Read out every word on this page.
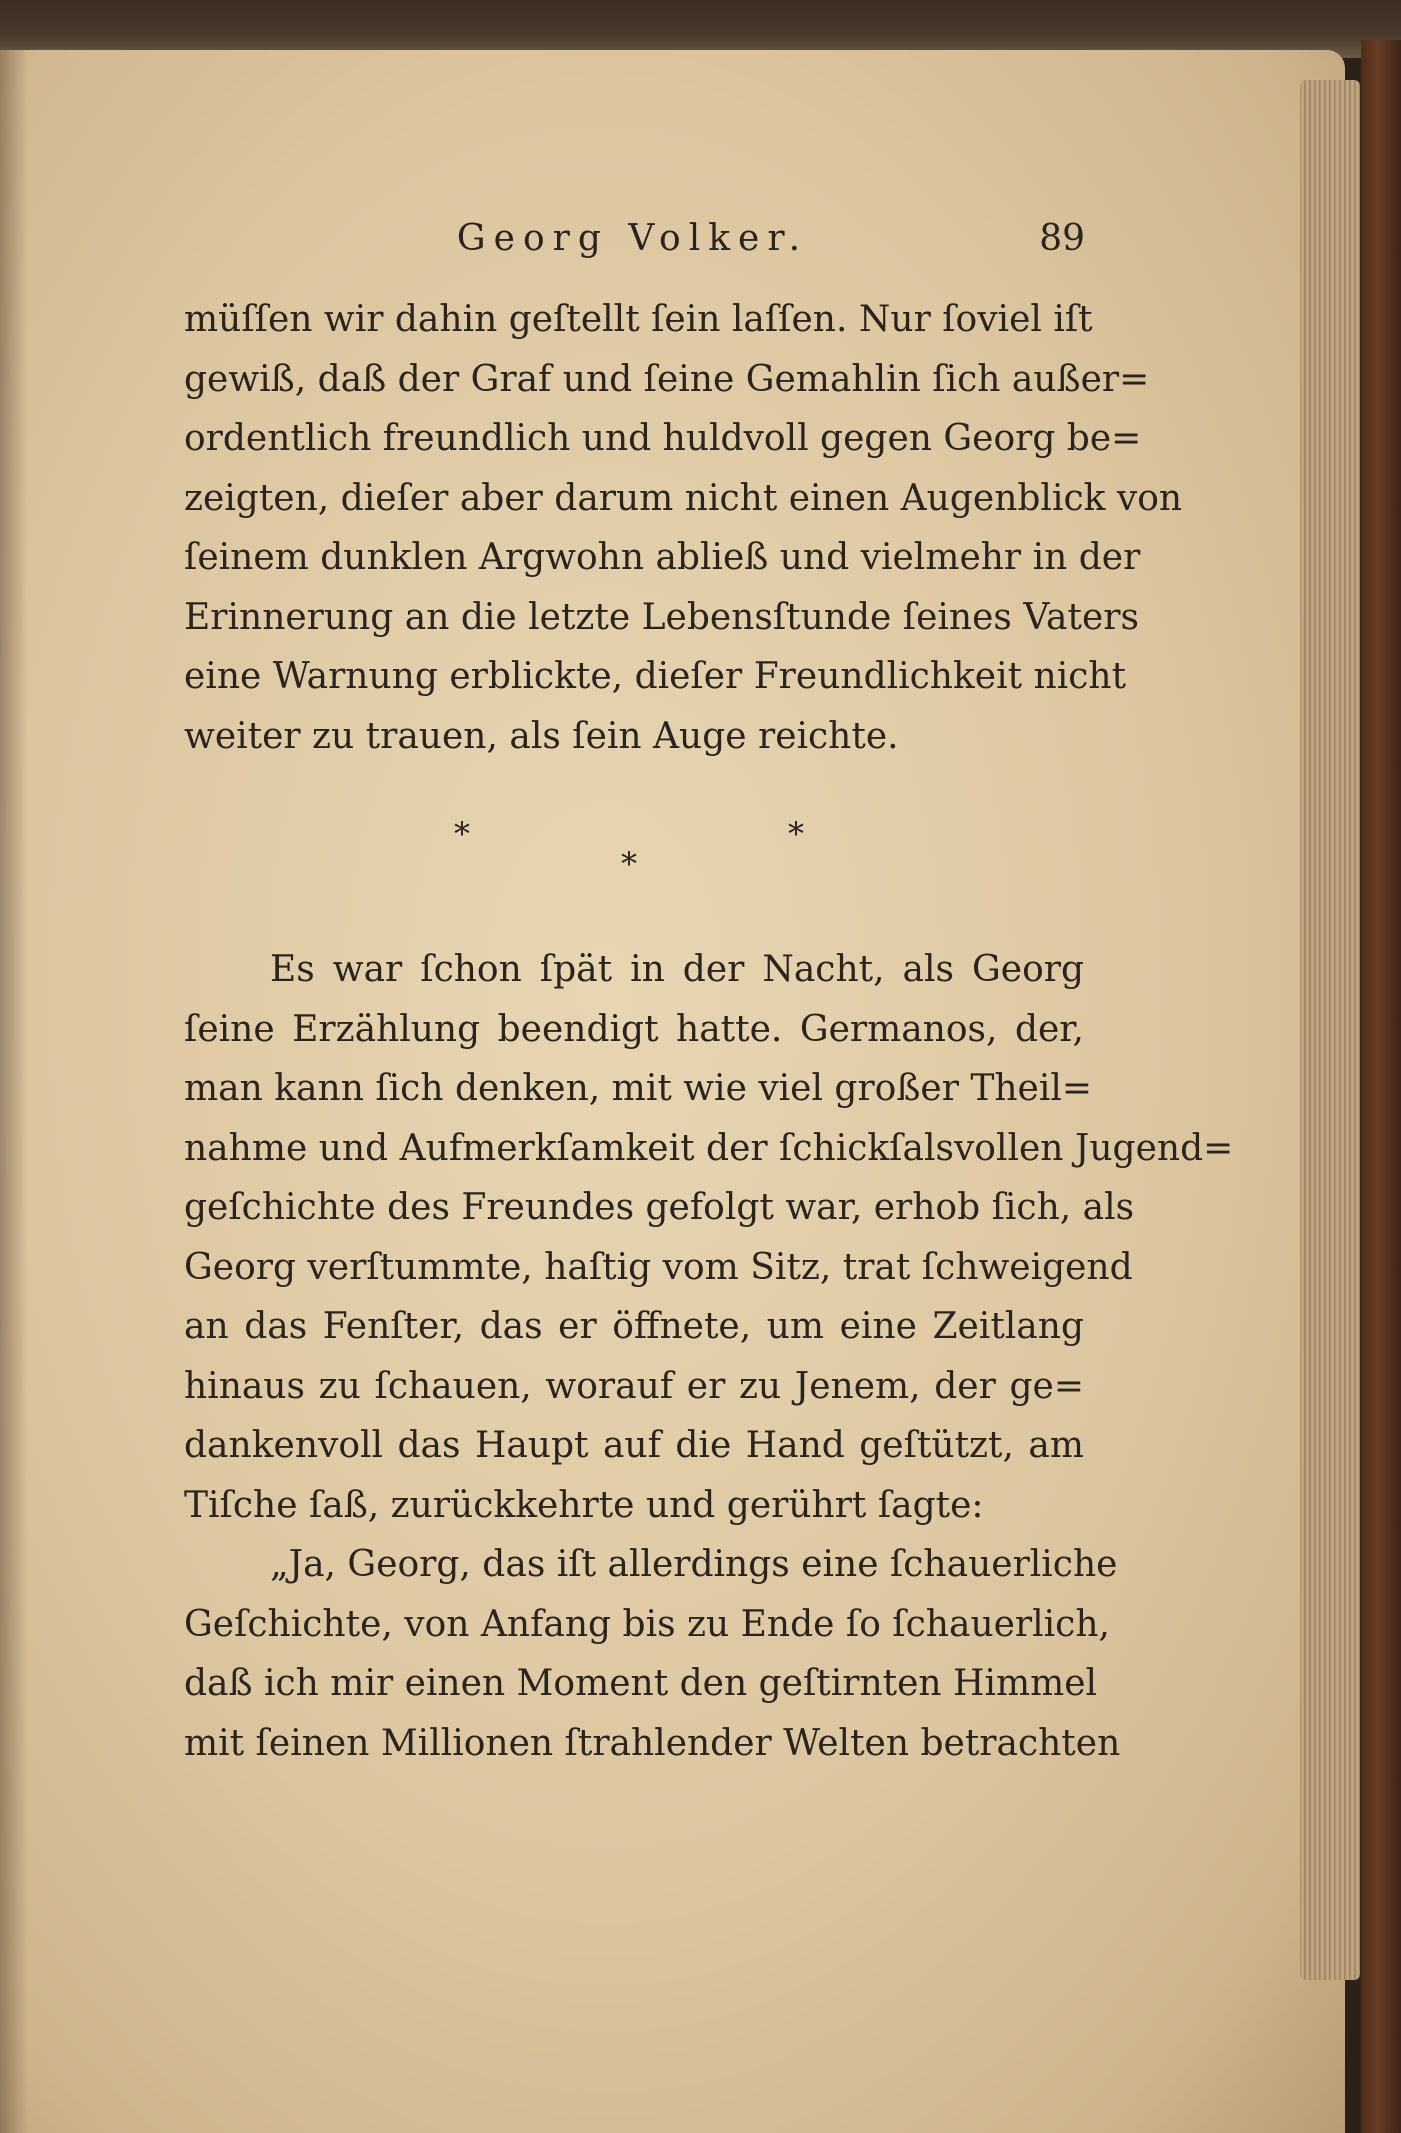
Georg Volker.	89
müſſen wir dahin geſtellt ſein laſſen. Nur ſoviel iſt
gewiß, daß der Graf und ſeine Gemahlin ſich außer=
ordentlich freundlich und huldvoll gegen Georg be=
zeigten, dieſer aber darum nicht einen Augenblick von
ſeinem dunklen Argwohn abließ und vielmehr in der
Erinnerung an die letzte Lebensſtunde ſeines Vaters
eine Warnung erblickte, dieſer Freundlichkeit nicht
weiter zu trauen, als ſein Auge reichte.
*
*
*
Es war ſchon ſpät in der Nacht, als Georg
ſeine Erzählung beendigt hatte. Germanos, der,
man kann ſich denken, mit wie viel großer Theil=
nahme und Aufmerkſamkeit der ſchickſalsvollen Jugend=
geſchichte des Freundes gefolgt war, erhob ſich, als
Georg verſtummte, haſtig vom Sitz, trat ſchweigend
an das Fenſter, das er öffnete, um eine Zeitlang
hinaus zu ſchauen, worauf er zu Jenem, der ge=
dankenvoll das Haupt auf die Hand geſtützt, am
Tiſche ſaß, zurückkehrte und gerührt ſagte:
„Ja, Georg, das iſt allerdings eine ſchauerliche
Geſchichte, von Anfang bis zu Ende ſo ſchauerlich,
daß ich mir einen Moment den geſtirnten Himmel
mit ſeinen Millionen ſtrahlender Welten betrachten
